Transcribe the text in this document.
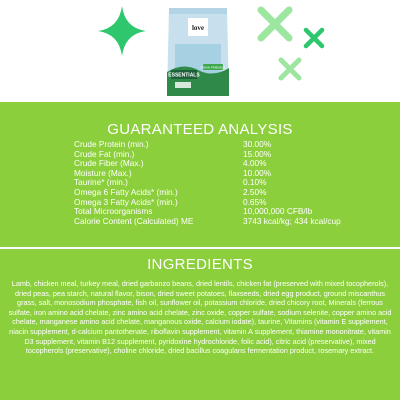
ESSENTIALS
GRAIN FRIENDLY
love
GUARANTEED ANALYSIS
Crude Protein (min.)	30.00%
Crude Fat (min.)	15.00%
Crude Fiber (Max.)	4.00%
Moisture (Max.)	10.00%
Taurine* (min.)	0.10%
Omega 6 Fatty Acids* (min.)	2.50%
Omega 3 Fatty Acids* (min.)	0.65%
Total Microorganisms	10,000,000 CFB/lb
Calorie Content (Calculated) ME	3743 kcal/kg; 434 kcal/cup
INGREDIENTS

Lamb, chicken meal, turkey meal, dried garbanzo beans, dried lentils, chicken fat (preserved with mixed tocopherols), dried peas, pea starch, natural flavor, bison, dried sweet potatoes, flaxseeds, dried egg product, ground miscanthus grass, salt, monosodium phosphate, fish oil, sunflower oil, potassium chloride, dried chicory root, Minerals (ferrous sulfate, iron amino acid chelate, zinc amino acid chelate, zinc oxide, copper sulfate, sodium selenite, copper amino acid chelate, manganese amino acid chelate, manganous oxide, calcium iodate), taurine, Vitamins (vitamin E supplement, niacin supplement, d-calcium pantothenate, riboflavin supplement, vitamin A supplement, thiamine mononitrate, vitamin D3 supplement, vitamin B12 supplement, pyridoxine hydrochloride, folic acid), citric acid (preservative), mixed tocopherols (preservative), choline chloride, dried bacillus coagulans fermentation product, rosemary extract.
